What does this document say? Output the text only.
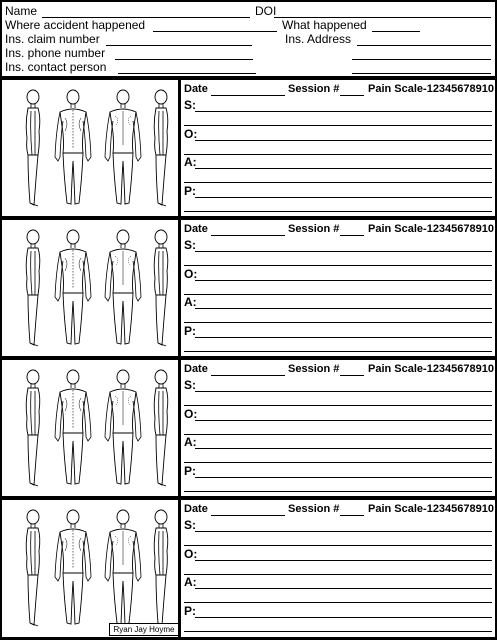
Name	DOI
Where accident happened	What happened
Ins. claim number	Ins. Address
Ins. phone number
Ins. contact person
Date	Session #	Pain Scale-12345678910
S:
O:
A:
P:
Date	Session #	Pain Scale-12345678910
S:
O:
A:
P:
Date	Session #	Pain Scale-12345678910
S:
O:
A:
P:
Date	Session #	Pain Scale-12345678910
S:
O:
A:
P:
Ryan Jay Hoyme
